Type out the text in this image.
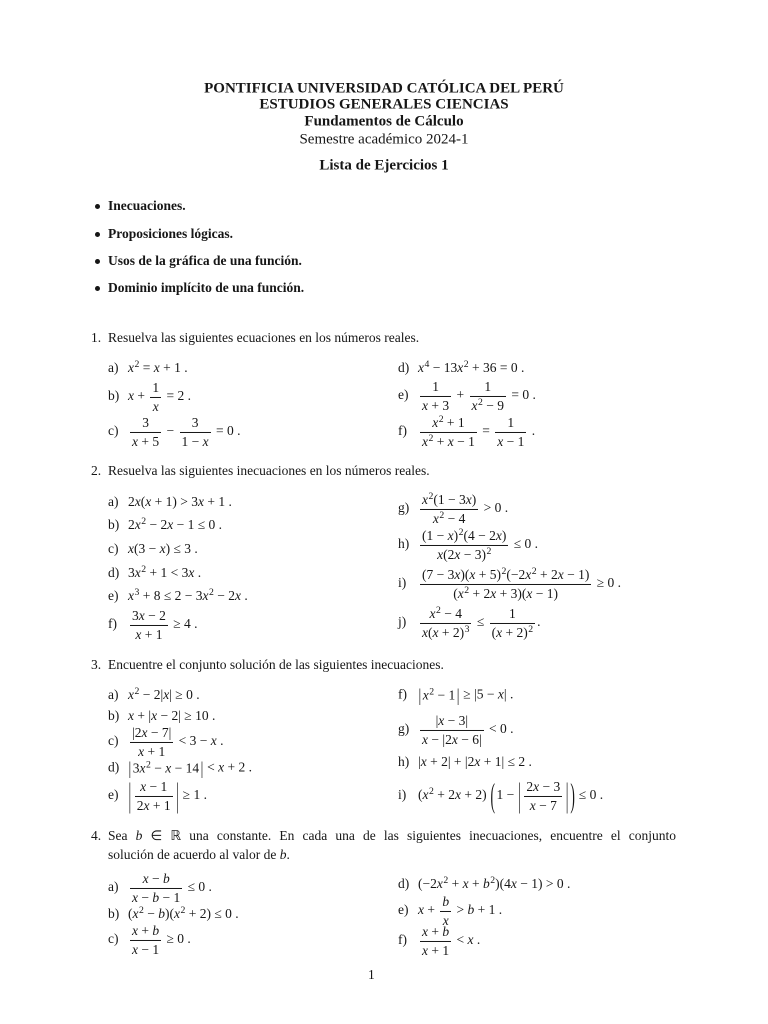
PONTIFICIA UNIVERSIDAD CATÓLICA DEL PERÚ
ESTUDIOS GENERALES CIENCIAS
Fundamentos de Cálculo
Semestre académico 2024-1
Lista de Ejercicios 1
Inecuaciones.
Proposiciones lógicas.
Usos de la gráfica de una función.
Dominio implícito de una función.
1. Resuelva las siguientes ecuaciones en los números reales.
a) $x^2 = x + 1$ .
b) $x + \frac{1}{x} = 2$ .
$c) \frac{3}{x + 5} - \frac{3}{1 - x} = 0$ .
d) $x^4 - 13x^2 + 36 = 0$ .
$e) \frac{1}{x + 3} + \frac{1}{x^2 - 9} = 0$ .
$f) \frac{x^2 + 1}{x^2 + x - 1} = \frac{1}{x - 1}$ .
2. Resuelva las siguientes inecuaciones en los números reales.
a) 2x(x + 1) > 3x + 1 .
b) $2x^2 - 2x - 1 \le 0$ .
c) x(3 − x) ≤ 3 .
d) $3x^2 + 1 < 3x$ .
e) $x^3 + 8 \le 2 - 3x^2 - 2x$ .
$f) \frac{3x - 2}{x + 1} \ge 4$ .
$g) \frac{x^2(1 - 3x)}{x^2 - 4} > 0$ .
$h) \frac{(1 - x)^2(4 - 2x)}{x(2x - 3)^2} \le 0$ .
$i) \frac{(7 - 3x)(x + 5)^2(-2x^2 + 2x - 1)}{(x^2 + 2x + 3)(x - 1)} \ge 0$ .
$j) \frac{x^2 - 4}{x(x + 2)^3} \le \frac{1}{(x + 2)^2}$ .
3. Encuentre el conjunto solución de las siguientes inecuaciones.
a) $x^2 - 2|x| \ge 0$ .
b) x + |x − 2| ≥ 10 .
$c) \frac{|2x - 7|}{x + 1} < 3 - x$ .
d) | $3x^2 - x - 14$ | < x + 2 .
e) | $\frac{x - 1}{2x + 1}$ | ≥ 1 .
f) | $x^2 - 1$ | ≥ |5 − x| .
$g) \frac{|x - 3|}{x - |2x - 6|} < 0$ .
h) |x + 2| + |2x + 1| ≤ 2 .
i) $(x^2 + 2x + 2)$ ( 1 − | $\frac{2x - 3}{x - 7}$ | ) ≤ 0 .
4. Sea b ∈ ℝ una constante. En cada una de las siguientes inecuaciones, encuentre el conjunto
solución de acuerdo al valor de b.
$a) \frac{x - b}{x - b - 1} \le 0$ .
b) $(x^2 - b)(x^2 + 2) \le 0$ .
$c) \frac{x + b}{x - 1} \ge 0$ .
d) $(-2x^2 + x + b^2)(4x - 1) > 0$ .
e) $x + \frac{b}{x} > b + 1$ .
$f) \frac{x + b}{x + 1} < x$ .
1
